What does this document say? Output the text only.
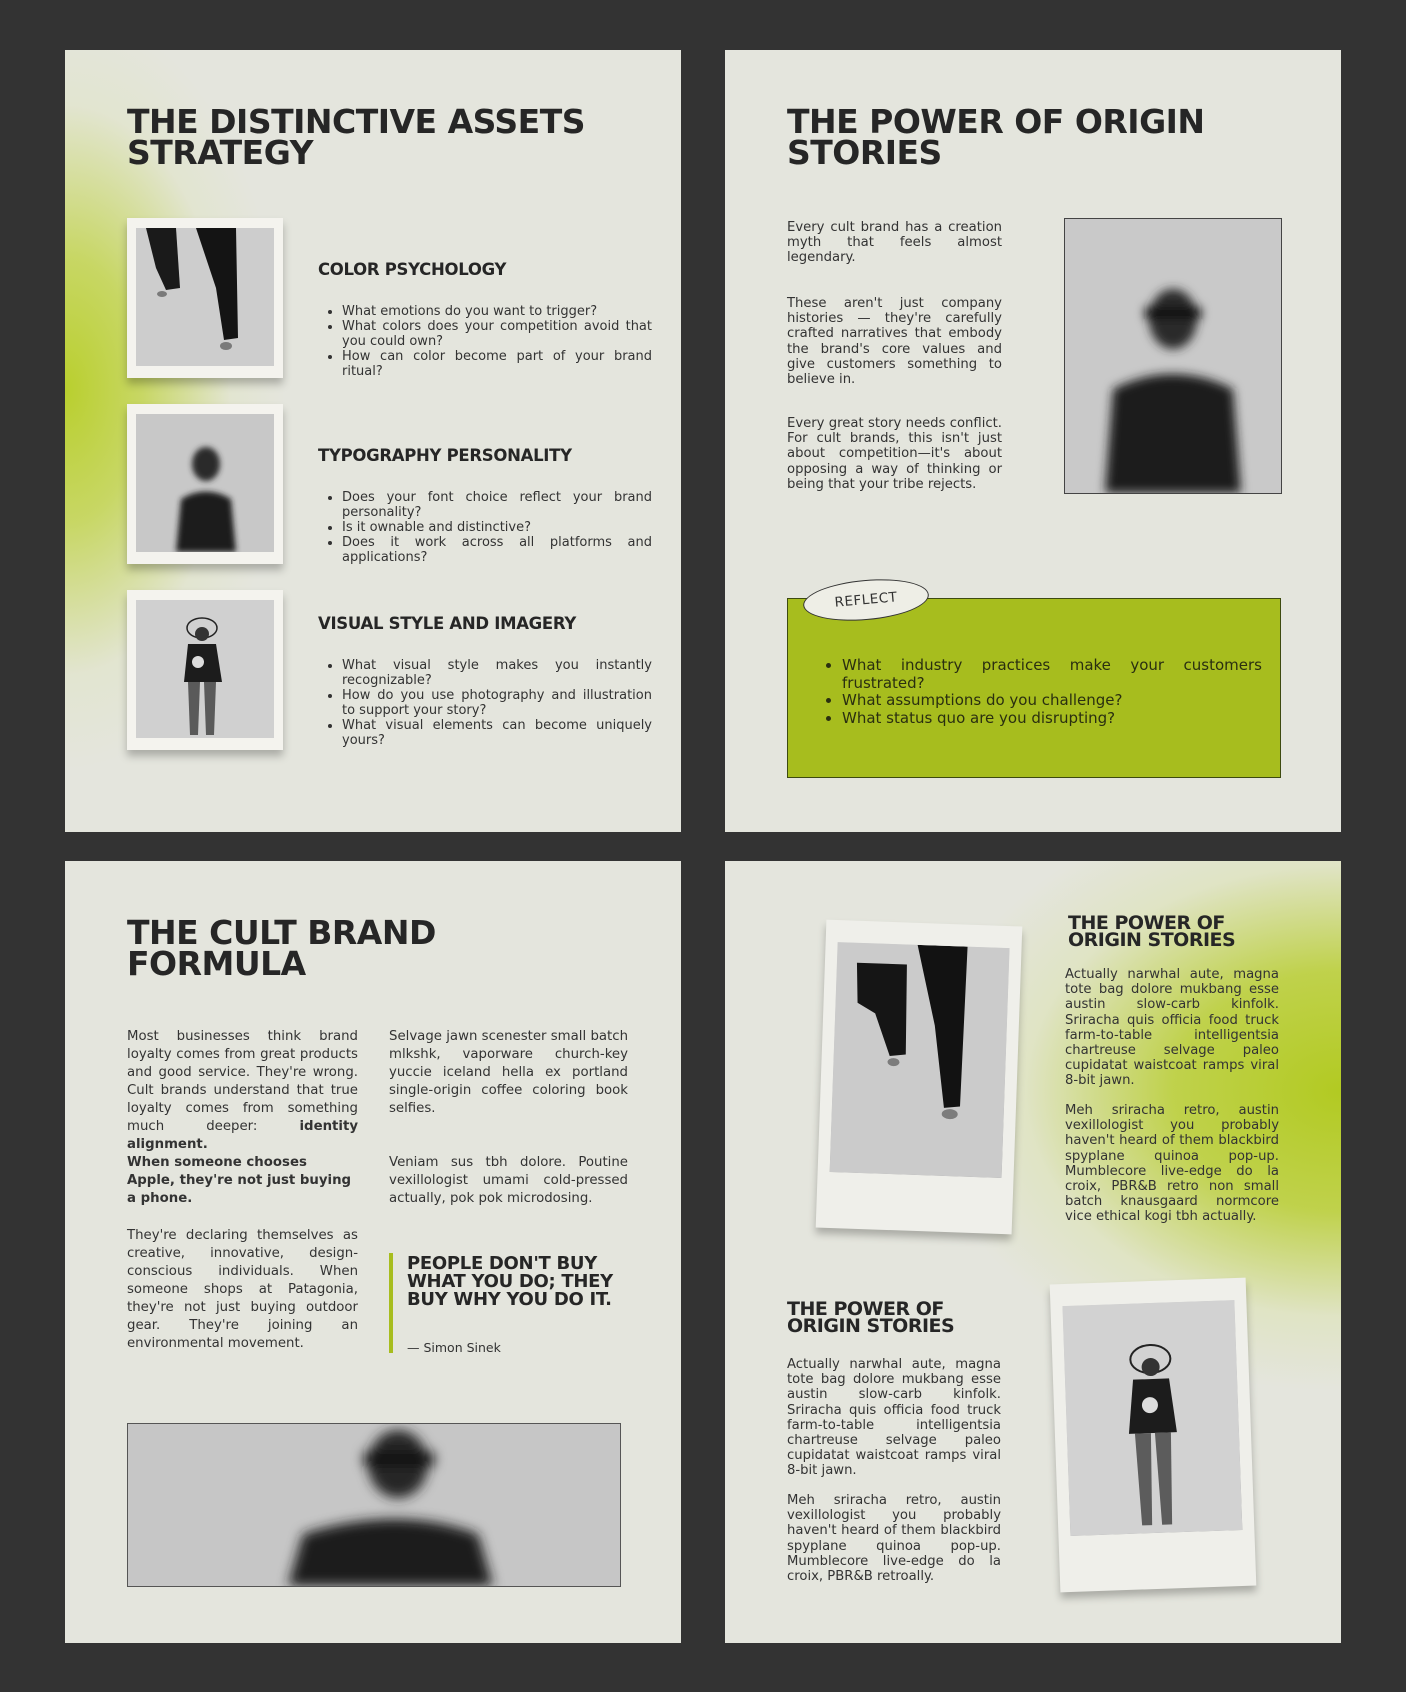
THE DISTINCTIVE ASSETS STRATEGY
COLOR PSYCHOLOGY
• What emotions do you want to trigger?
• What colors does your competition avoid that you could own?
• How can color become part of your brand ritual?
TYPOGRAPHY PERSONALITY
• Does your font choice reflect your brand personality?
• Is it ownable and distinctive?
• Does it work across all platforms and applications?
VISUAL STYLE AND IMAGERY
• What visual style makes you instantly recognizable?
• How do you use photography and illustration to support your story?
• What visual elements can become uniquely yours?
THE POWER OF ORIGIN STORIES

Every cult brand has a creation myth that feels almost legendary.

These aren't just company histories — they're carefully crafted narratives that embody the brand's core values and give customers something to believe in.

Every great story needs conflict. For cult brands, this isn't just about competition—it's about opposing a way of thinking or being that your tribe rejects.

• What industry practices make your customers frustrated?
• What assumptions do you challenge?
• What status quo are you disrupting?
REFLECT
THE CULT BRAND FORMULA

Most businesses think brand loyalty comes from great products and good service. They're wrong. Cult brands understand that true loyalty comes from something much deeper: identity alignment.

When someone chooses Apple, they're not just buying a phone.

They're declaring themselves as creative, innovative, design-conscious individuals. When someone shops at Patagonia, they're not just buying outdoor gear. They're joining an environmental movement.

Selvage jawn scenester small batch mlkshk, vaporware church-key yuccie iceland hella ex portland single-origin coffee coloring book selfies.

Veniam sus tbh dolore. Poutine vexillologist umami cold-pressed actually, pok pok microdosing.

PEOPLE DON'T BUY WHAT YOU DO; THEY BUY WHY YOU DO IT.

— Simon Sinek

THE POWER OF ORIGIN STORIES

Actually narwhal aute, magna tote bag dolore mukbang esse austin slow-carb kinfolk. Sriracha quis officia food truck farm-to-table intelligentsia chartreuse selvage paleo cupidatat waistcoat ramps viral 8-bit jawn.

Meh sriracha retro, austin vexillologist you probably haven't heard of them blackbird spyplane quinoa pop-up. Mumblecore live-edge do la croix, PBR&B retro non small batch knausgaard normcore vice ethical kogi tbh actually.

THE POWER OF ORIGIN STORIES

Actually narwhal aute, magna tote bag dolore mukbang esse austin slow-carb kinfolk. Sriracha quis officia food truck farm-to-table intelligentsia chartreuse selvage paleo cupidatat waistcoat ramps viral 8-bit jawn.

Meh sriracha retro, austin vexillologist you probably haven't heard of them blackbird spyplane quinoa pop-up. Mumblecore live-edge do la croix, PBR&B retroally.
